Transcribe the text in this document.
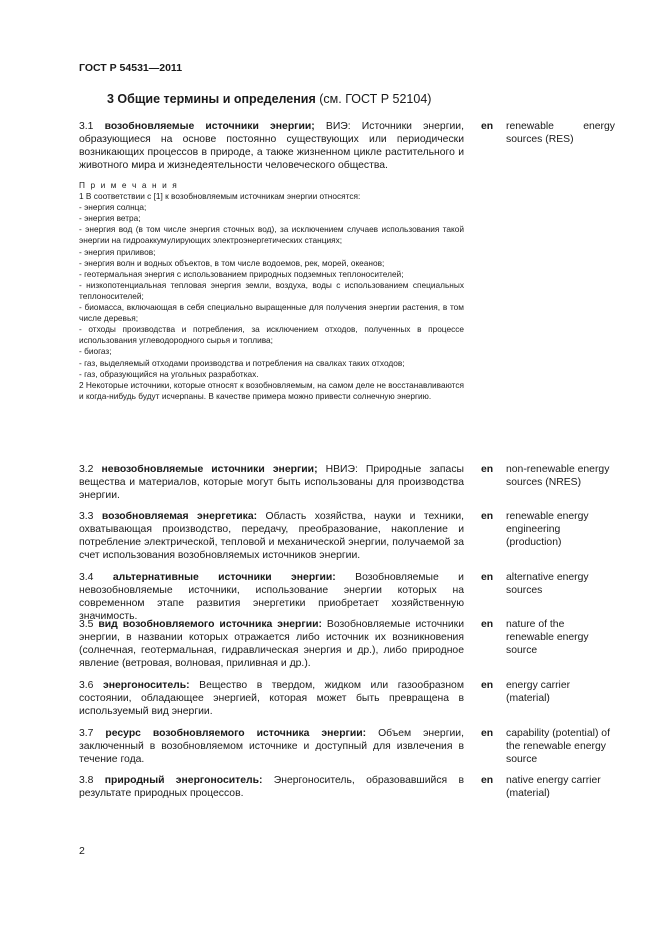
ГОСТ Р 54531—2011
3 Общие термины и определения (см. ГОСТ Р 52104)
3.1 возобновляемые источники энергии; ВИЭ: Источники энергии, образующиеся на основе постоянно существующих или периодически возникающих процессов в природе, а также жизненном цикле растительного и животного мира и жизнедеятельности человеческого общества.
en renewable energy sources (RES)
П р и м е ч а н и я
1 В соответствии с [1] к возобновляемым источникам энергии относятся:
- энергия солнца;
- энергия ветра;
- энергия вод (в том числе энергия сточных вод), за исключением случаев использования такой энергии на гидроаккумулирующих электроэнергетических станциях;
- энергия приливов;
- энергия волн и водных объектов, в том числе водоемов, рек, морей, океанов;
- геотермальная энергия с использованием природных подземных теплоносителей;
- низкопотенциальная тепловая энергия земли, воздуха, воды с использованием специальных теплоносителей;
- биомасса, включающая в себя специально выращенные для получения энергии растения, в том числе деревья;
- отходы производства и потребления, за исключением отходов, полученных в процессе использования углеводородного сырья и топлива;
- биогаз;
- газ, выделяемый отходами производства и потребления на свалках таких отходов;
- газ, образующийся на угольных разработках.
2 Некоторые источники, которые относят к возобновляемым, на самом деле не восстанавливаются и когда-нибудь будут исчерпаны. В качестве примера можно привести солнечную энергию.
3.2 невозобновляемые источники энергии; НВИЭ: Природные запасы вещества и материалов, которые могут быть использованы для производства энергии.
en non-renewable energy sources (NRES)
3.3 возобновляемая энергетика: Область хозяйства, науки и техники, охватывающая производство, передачу, преобразование, накопление и потребление электрической, тепловой и механической энергии, получаемой за счет использования возобновляемых источников энергии.
en renewable energy engineering (production)
3.4 альтернативные источники энергии: Возобновляемые и невозобновляемые источники, использование энергии которых на современном этапе развития энергетики приобретает хозяйственную значимость.
en alternative energy sources
3.5 вид возобновляемого источника энергии: Возобновляемые источники энергии, в названии которых отражается либо источник их возникновения (солнечная, геотермальная, гидравлическая энергия и др.), либо природное явление (ветровая, волновая, приливная и др.).
en nature of the renewable energy source
3.6 энергоноситель: Вещество в твердом, жидком или газообразном состоянии, обладающее энергией, которая может быть превращена в используемый вид энергии.
en energy carrier (material)
3.7 ресурс возобновляемого источника энергии: Объем энергии, заключенный в возобновляемом источнике и доступный для извлечения в течение года.
en capability (potential) of the renewable energy source
3.8 природный энергоноситель: Энергоноситель, образовавшийся в результате природных процессов.
en native energy carrier (material)
2
